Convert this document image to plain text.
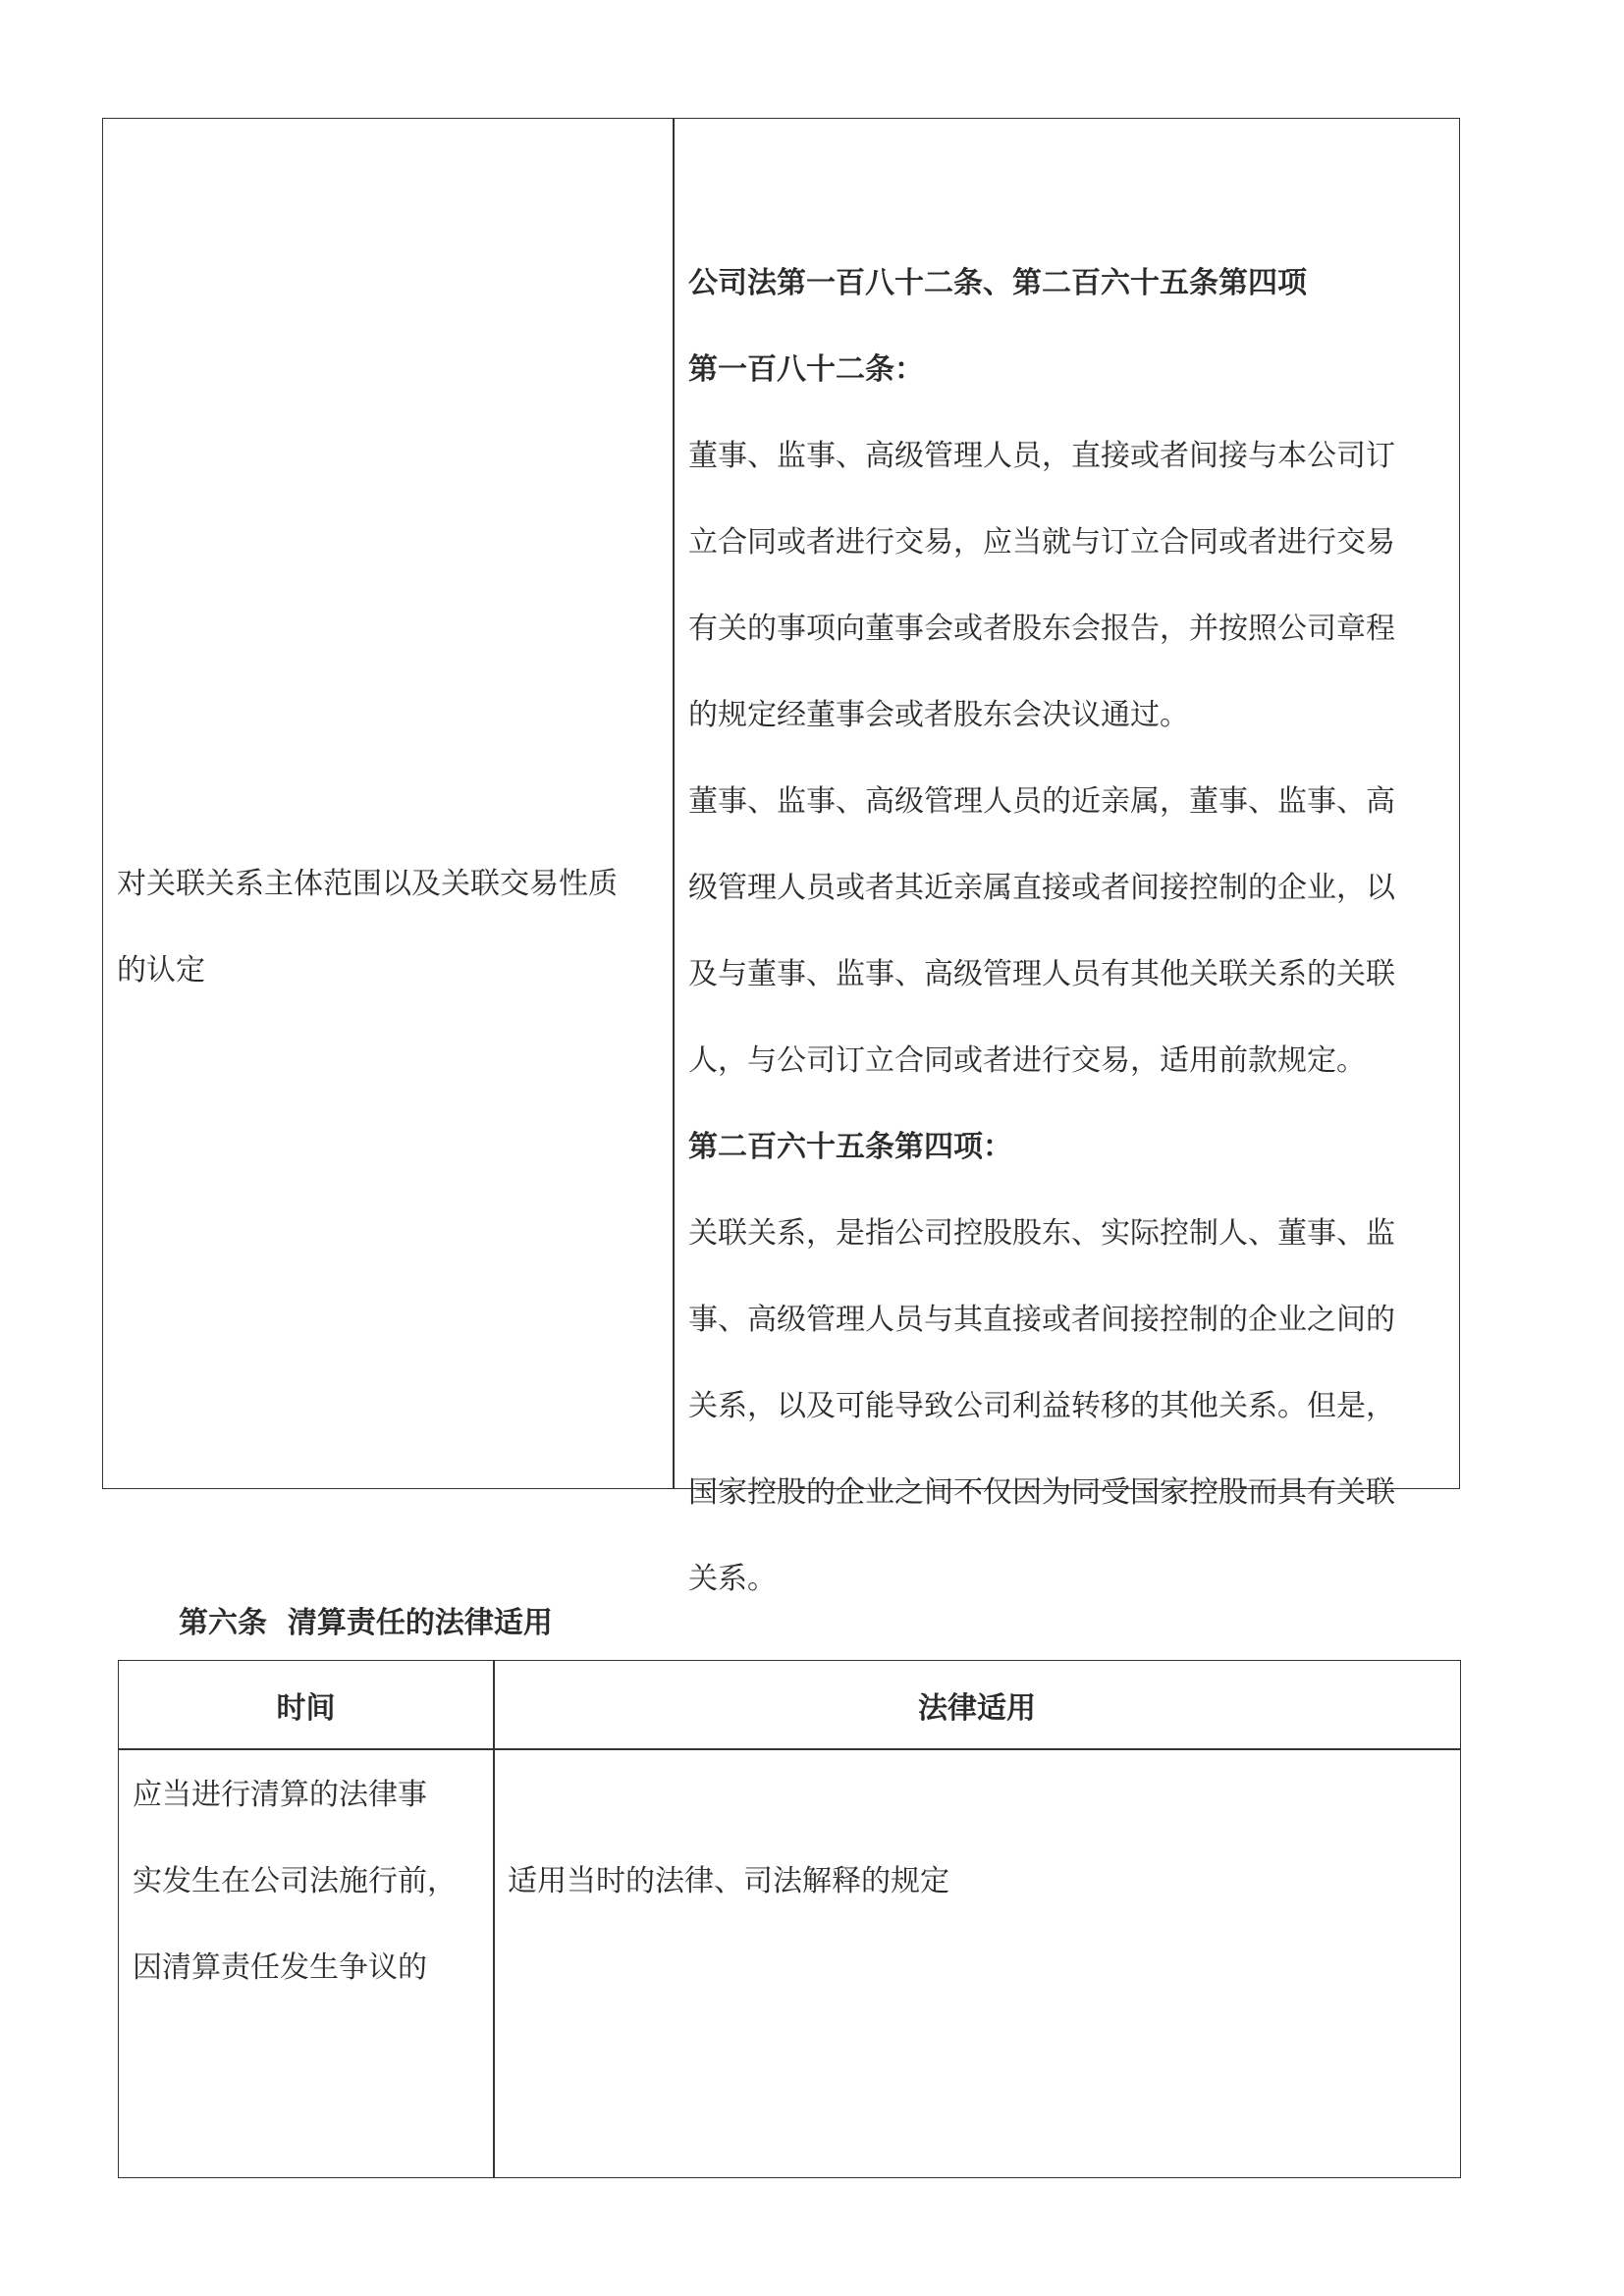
对关联关系主体范围以及关联交易性质
的认定
公司法第一百八十二条、第二百六十五条第四项
第一百八十二条：
董事、监事、高级管理人员，直接或者间接与本公司订
立合同或者进行交易，应当就与订立合同或者进行交易
有关的事项向董事会或者股东会报告，并按照公司章程
的规定经董事会或者股东会决议通过。
董事、监事、高级管理人员的近亲属，董事、监事、高
级管理人员或者其近亲属直接或者间接控制的企业，以
及与董事、监事、高级管理人员有其他关联关系的关联
人，与公司订立合同或者进行交易，适用前款规定。
第二百六十五条第四项：
关联关系，是指公司控股股东、实际控制人、董事、监
事、高级管理人员与其直接或者间接控制的企业之间的
关系，以及可能导致公司利益转移的其他关系。但是，
国家控股的企业之间不仅因为同受国家控股而具有关联
关系。
第六条  清算责任的法律适用
时间	法律适用
应当进行清算的法律事
实发生在公司法施行前，
因清算责任发生争议的
适用当时的法律、司法解释的规定
